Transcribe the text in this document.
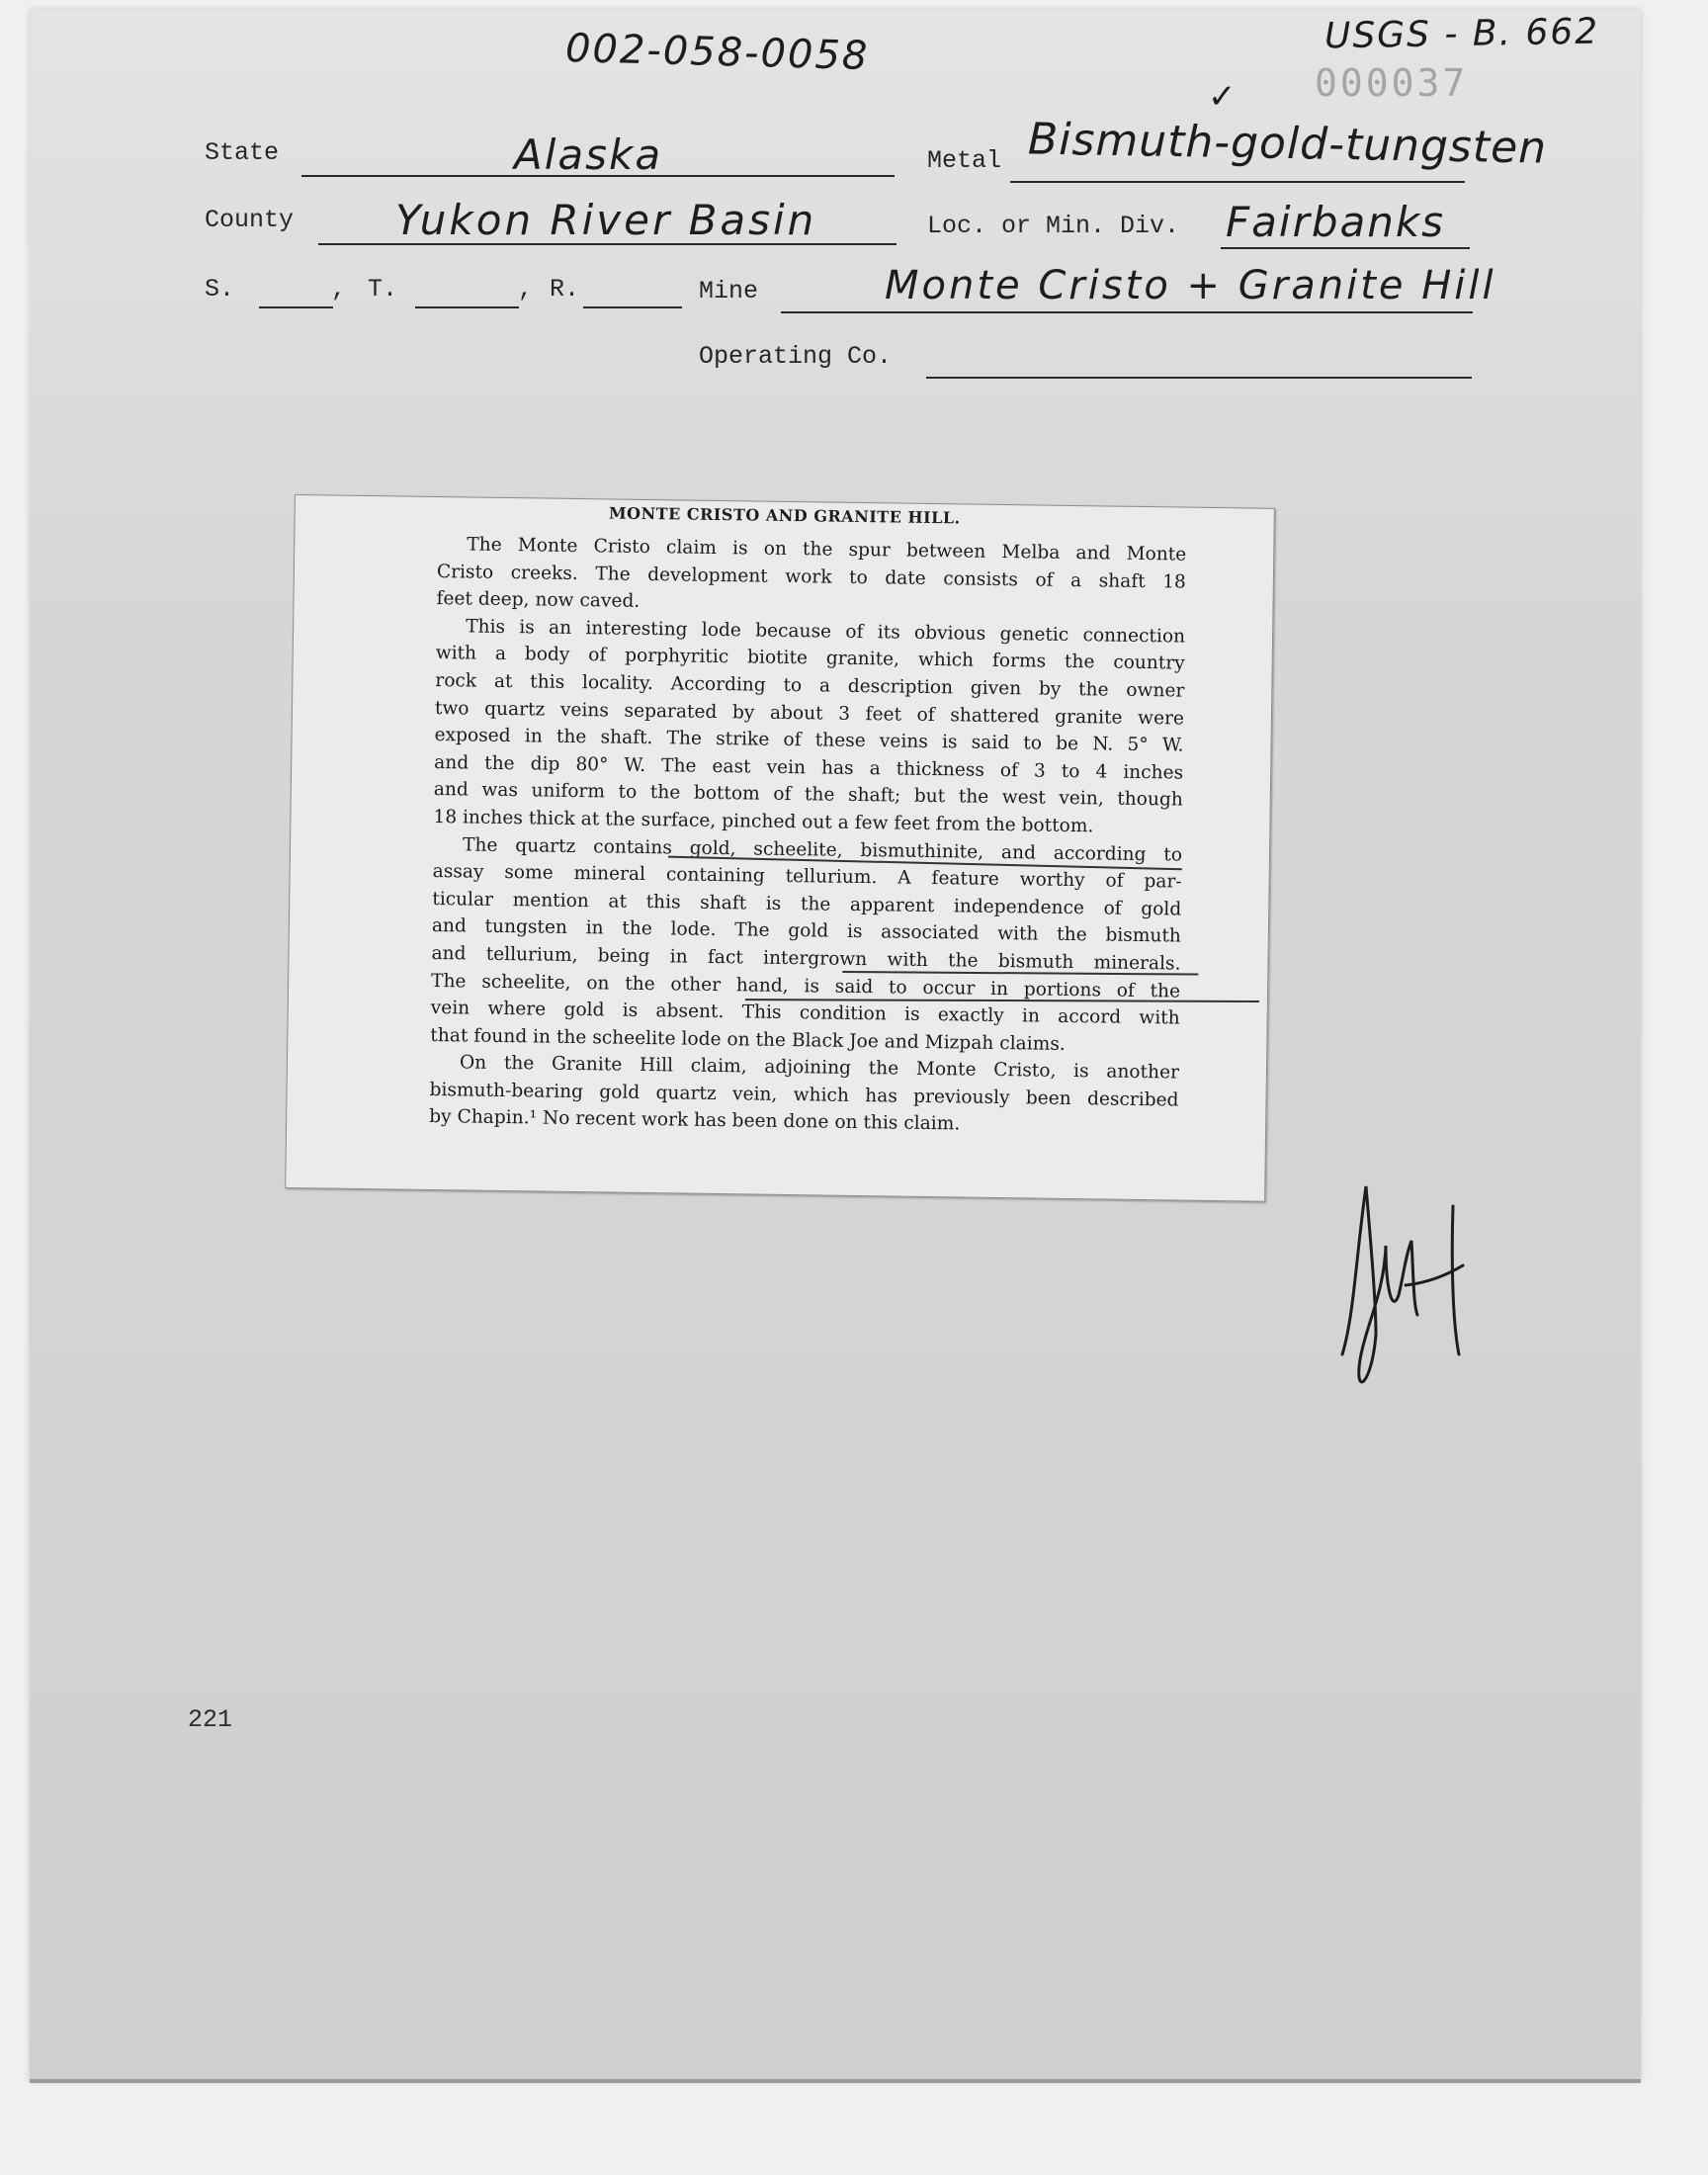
002-058-0058	USGS - B. 662
000037
✓
State	Alaska	Metal Bismuth-gold-tungsten
County Yukon River Basin	Loc. or Min. Div. Fairbanks
S.	, T.	, R.	Mine	Monte Cristo + Granite Hill
Operating Co.
MONTE CRISTO AND GRANITE HILL.
The Monte Cristo claim is on the spur between Melba and Monte
Cristo creeks. The development work to date consists of a shaft 18
feet deep, now caved.
This is an interesting lode because of its obvious genetic connection
with a body of porphyritic biotite granite, which forms the country
rock at this locality. According to a description given by the owner
two quartz veins separated by about 3 feet of shattered granite were
exposed in the shaft. The strike of these veins is said to be N. 5° W.
and the dip 80° W. The east vein has a thickness of 3 to 4 inches
and was uniform to the bottom of the shaft; but the west vein, though
18 inches thick at the surface, pinched out a few feet from the bottom.
The quartz contains gold, scheelite, bismuthinite, and according to
assay some mineral containing tellurium. A feature worthy of par-
ticular mention at this shaft is the apparent independence of gold
and tungsten in the lode. The gold is associated with the bismuth
and tellurium, being in fact intergrown with the bismuth minerals.
The scheelite, on the other hand, is said to occur in portions of the
vein where gold is absent. This condition is exactly in accord with
that found in the scheelite lode on the Black Joe and Mizpah claims.
On the Granite Hill claim, adjoining the Monte Cristo, is another
bismuth-bearing gold quartz vein, which has previously been described
by Chapin.¹ No recent work has been done on this claim.
221
